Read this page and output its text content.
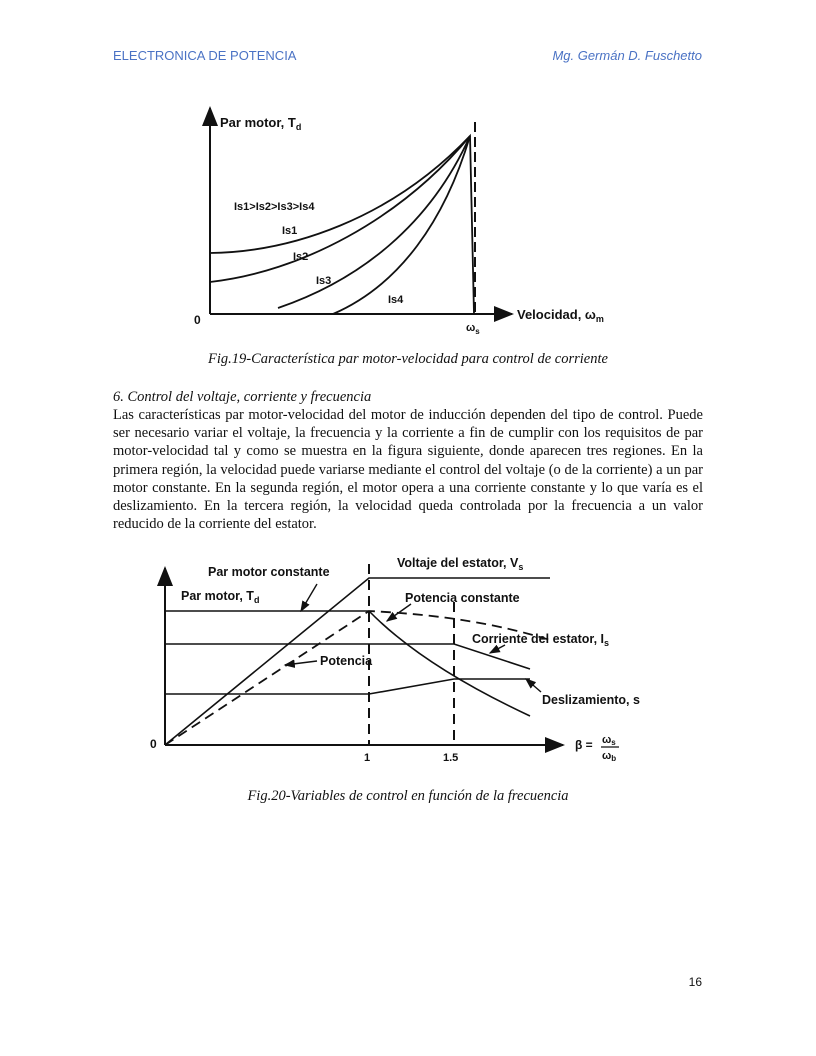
ELECTRONICA DE POTENCIA	Mg. Germán D. Fuschetto
Par motor, $T_d$
Is1>Is2>Is3>Is4
Is1
Is2
Is3
Is4
0
$\omega_s$
Velocidad, $\omega_m$
Fig.19-Característica par motor-velocidad para control de corriente
6. Control del voltaje, corriente y frecuencia
Las características par motor-velocidad del motor de inducción dependen del tipo de control. Puede ser necesario variar el voltaje, la frecuencia y la corriente a fin de cumplir con los requisitos de par motor-velocidad tal y como se muestra en la figura siguiente, donde aparecen tres regiones. En la primera región, la velocidad puede variarse mediante el control del voltaje (o de la corriente) a un par motor constante. En la segunda región, el motor opera a una corriente constante y lo que varía es el deslizamiento. En la tercera región, la velocidad queda controlada por la frecuencia a un valor reducido de la corriente del estator.
Par motor constante
Voltaje del estator, $V_s$
Par motor, $T_d$	Potencia constante
Corriente del estator, $I_s$
Potencia
Deslizamiento, s
0
1	1.5
β = ωs
ωb
Fig.20-Variables de control en función de la frecuencia
16
